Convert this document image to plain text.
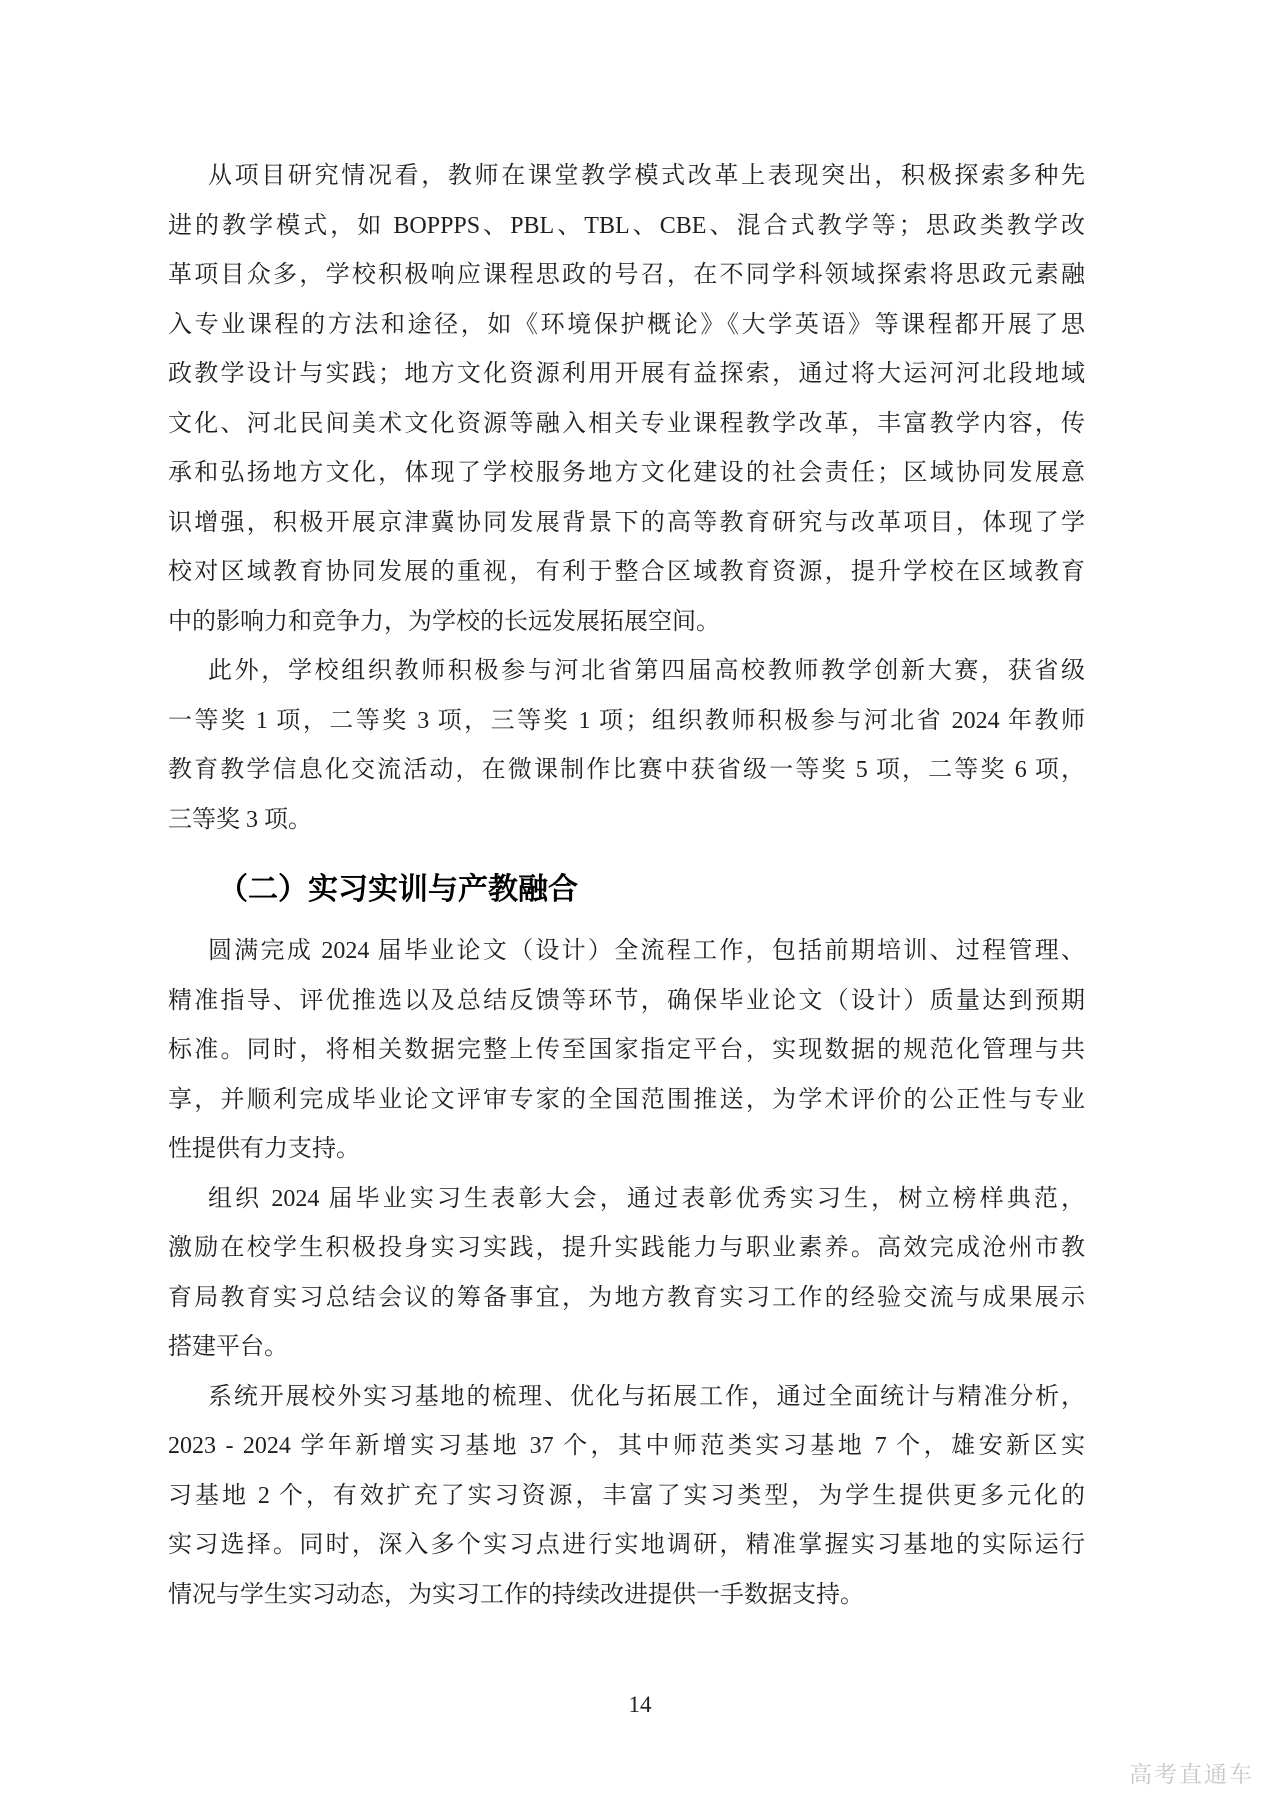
从项目研究情况看，教师在课堂教学模式改革上表现突出，积极探索多种先
进的教学模式，如 BOPPPS、PBL、TBL、CBE、混合式教学等；思政类教学改
革项目众多，学校积极响应课程思政的号召，在不同学科领域探索将思政元素融
入专业课程的方法和途径，如《环境保护概论》《大学英语》等课程都开展了思
政教学设计与实践；地方文化资源利用开展有益探索，通过将大运河河北段地域
文化、河北民间美术文化资源等融入相关专业课程教学改革，丰富教学内容，传
承和弘扬地方文化，体现了学校服务地方文化建设的社会责任；区域协同发展意
识增强，积极开展京津冀协同发展背景下的高等教育研究与改革项目，体现了学
校对区域教育协同发展的重视，有利于整合区域教育资源，提升学校在区域教育
中的影响力和竞争力，为学校的长远发展拓展空间。
此外，学校组织教师积极参与河北省第四届高校教师教学创新大赛，获省级
一等奖 1 项，二等奖 3 项，三等奖 1 项；组织教师积极参与河北省 2024 年教师
教育教学信息化交流活动，在微课制作比赛中获省级一等奖 5 项，二等奖 6 项，
三等奖 3 项。
（二）实习实训与产教融合
圆满完成 2024 届毕业论文（设计）全流程工作，包括前期培训、过程管理、
精准指导、评优推选以及总结反馈等环节，确保毕业论文（设计）质量达到预期
标准。同时，将相关数据完整上传至国家指定平台，实现数据的规范化管理与共
享，并顺利完成毕业论文评审专家的全国范围推送，为学术评价的公正性与专业
性提供有力支持。
组织 2024 届毕业实习生表彰大会，通过表彰优秀实习生，树立榜样典范，
激励在校学生积极投身实习实践，提升实践能力与职业素养。高效完成沧州市教
育局教育实习总结会议的筹备事宜，为地方教育实习工作的经验交流与成果展示
搭建平台。
系统开展校外实习基地的梳理、优化与拓展工作，通过全面统计与精准分析，
2023 - 2024 学年新增实习基地 37 个，其中师范类实习基地 7 个，雄安新区实
习基地 2 个，有效扩充了实习资源，丰富了实习类型，为学生提供更多元化的
实习选择。同时，深入多个实习点进行实地调研，精准掌握实习基地的实际运行
情况与学生实习动态，为实习工作的持续改进提供一手数据支持。
14
高考直通车
